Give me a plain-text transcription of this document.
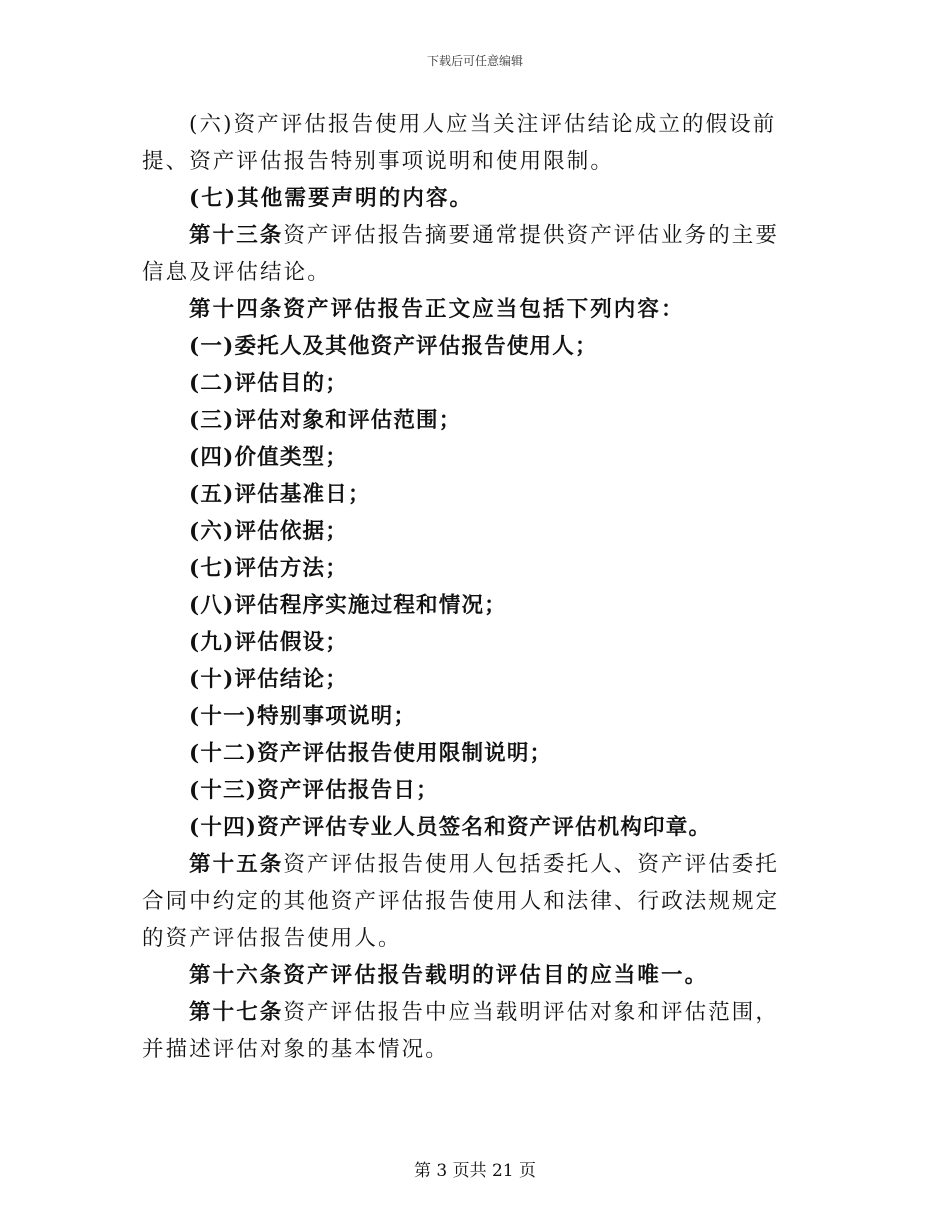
下载后可任意编辑

(六)资产评估报告使用人应当关注评估结论成立的假设前提、资产评估报告特别事项说明和使用限制。

(七)其他需要声明的内容。

第十三条资产评估报告摘要通常提供资产评估业务的主要信息及评估结论。

第十四条资产评估报告正文应当包括下列内容：

(一)委托人及其他资产评估报告使用人；

(二)评估目的；

(三)评估对象和评估范围；

(四)价值类型；

(五)评估基准日；

(六)评估依据；

(七)评估方法；

(八)评估程序实施过程和情况；

(九)评估假设；

(十)评估结论；

(十一)特别事项说明；

(十二)资产评估报告使用限制说明；

(十三)资产评估报告日；

(十四)资产评估专业人员签名和资产评估机构印章。

第十五条资产评估报告使用人包括委托人、资产评估委托合同中约定的其他资产评估报告使用人和法律、行政法规规定的资产评估报告使用人。

第十六条资产评估报告载明的评估目的应当唯一。

第十七条资产评估报告中应当载明评估对象和评估范围，并描述评估对象的基本情况。

第 3 页共 21 页
